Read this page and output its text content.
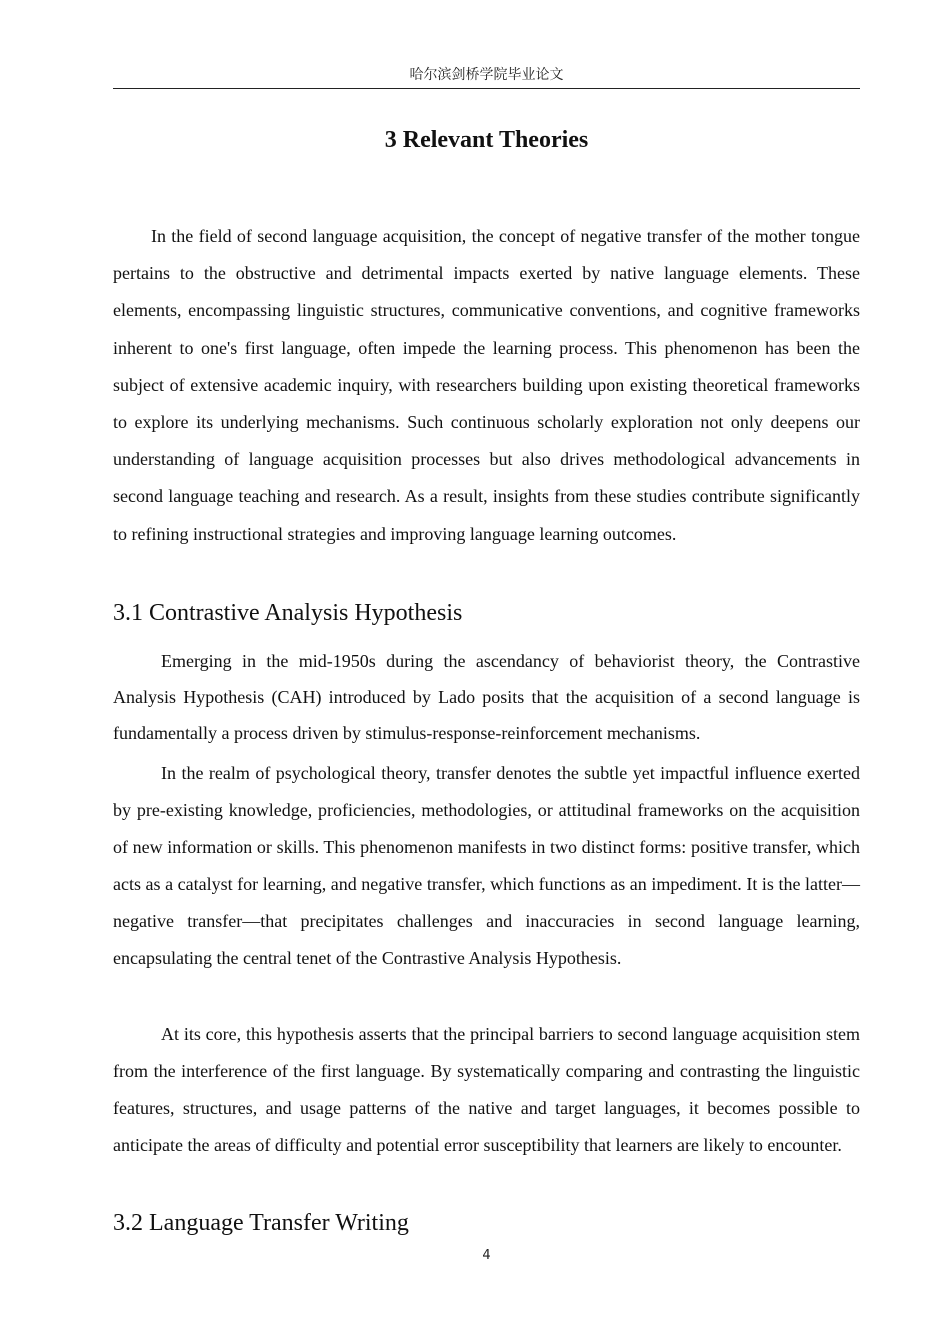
哈尔滨剑桥学院毕业论文
3 Relevant Theories

In the field of second language acquisition, the concept of negative transfer of the mother tongue pertains to the obstructive and detrimental impacts exerted by native language elements. These elements, encompassing linguistic structures, communicative conventions, and cognitive frameworks inherent to one's first language, often impede the learning process. This phenomenon has been the subject of extensive academic inquiry, with researchers building upon existing theoretical frameworks to explore its underlying mechanisms. Such continuous scholarly exploration not only deepens our understanding of language acquisition processes but also drives methodological advancements in second language teaching and research. As a result, insights from these studies contribute significantly to refining instructional strategies and improving language learning outcomes.

3.1 Contrastive Analysis Hypothesis

Emerging in the mid-1950s during the ascendancy of behaviorist theory, the Contrastive Analysis Hypothesis (CAH) introduced by Lado posits that the acquisition of a second language is fundamentally a process driven by stimulus-response-reinforcement mechanisms.

In the realm of psychological theory, transfer denotes the subtle yet impactful influence exerted by pre-existing knowledge, proficiencies, methodologies, or attitudinal frameworks on the acquisition of new information or skills. This phenomenon manifests in two distinct forms: positive transfer, which acts as a catalyst for learning, and negative transfer, which functions as an impediment. It is the latter—negative transfer—that precipitates challenges and inaccuracies in second language learning, encapsulating the central tenet of the Contrastive Analysis Hypothesis.

At its core, this hypothesis asserts that the principal barriers to second language acquisition stem from the interference of the first language. By systematically comparing and contrasting the linguistic features, structures, and usage patterns of the native and target languages, it becomes possible to anticipate the areas of difficulty and potential error susceptibility that learners are likely to encounter.

3.2 Language Transfer Writing
4
